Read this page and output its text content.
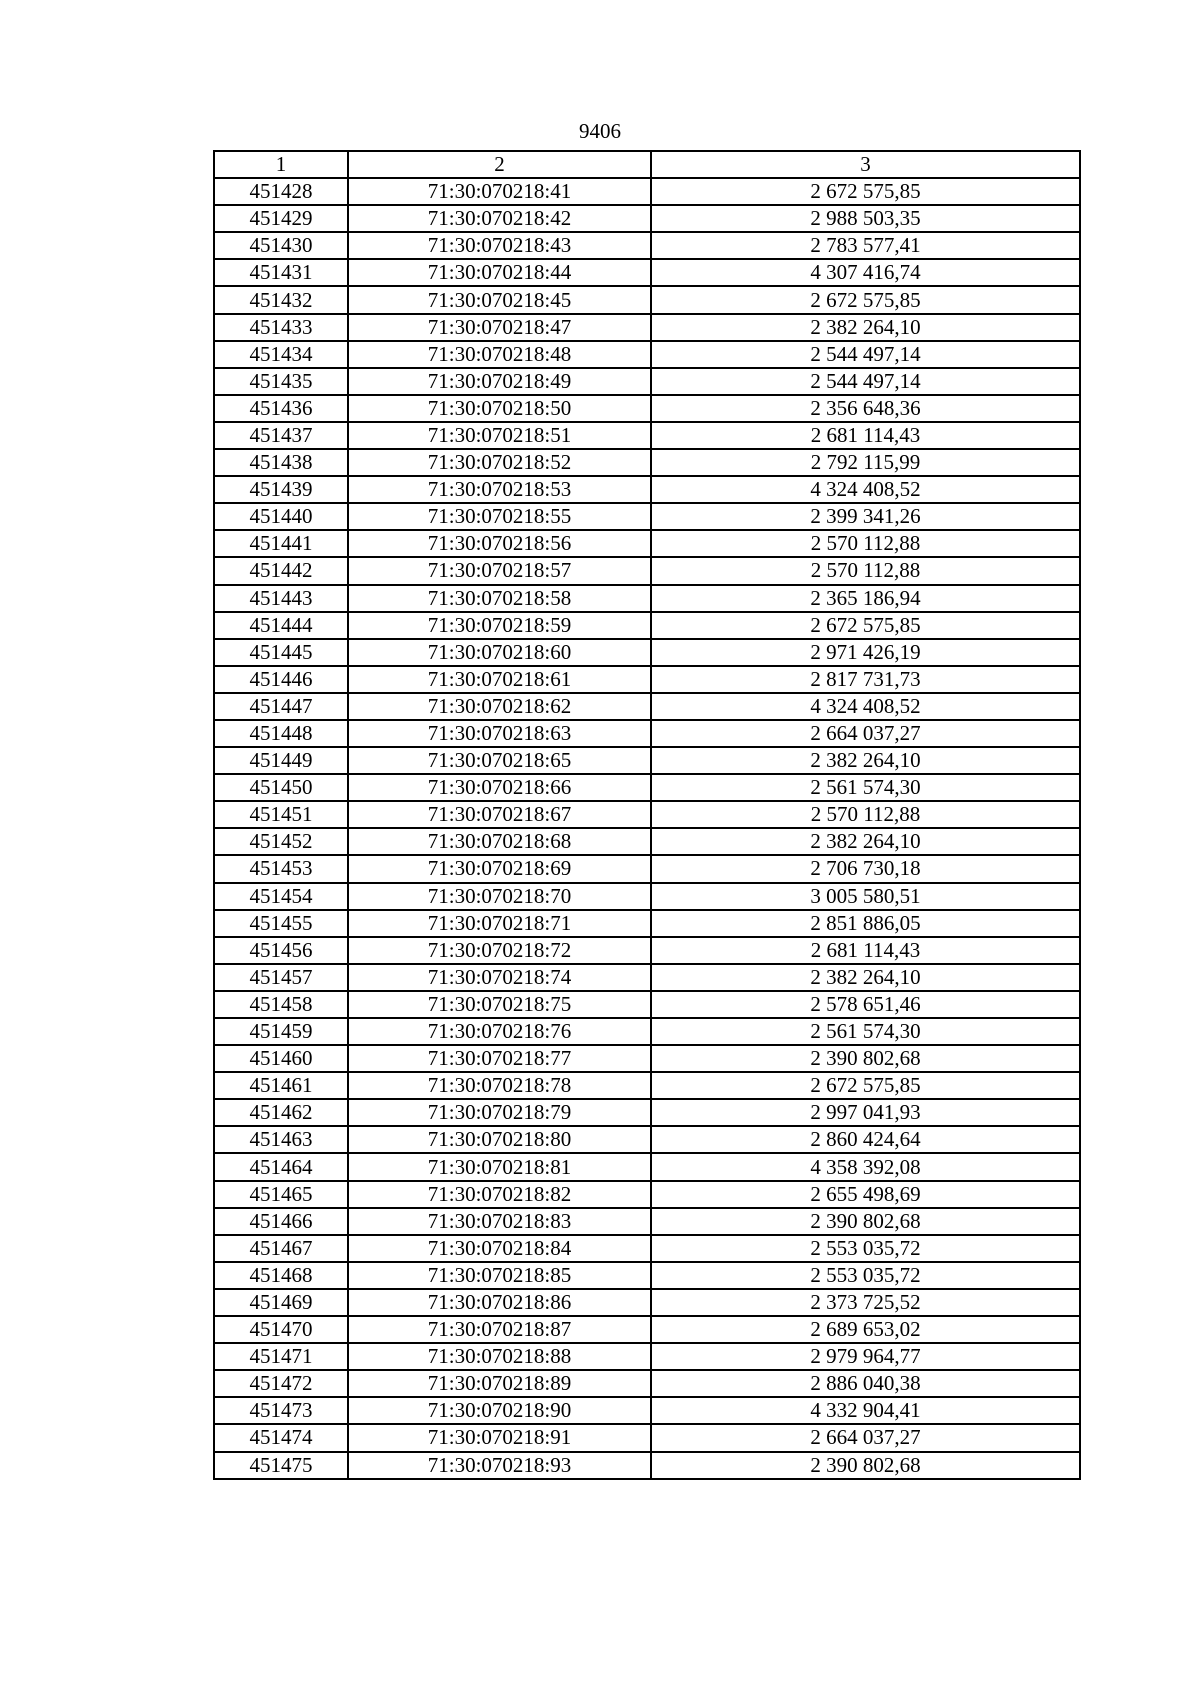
9406
1	2	3
451428	71:30:070218:41	2 672 575,85
451429	71:30:070218:42	2 988 503,35
451430	71:30:070218:43	2 783 577,41
451431	71:30:070218:44	4 307 416,74
451432	71:30:070218:45	2 672 575,85
451433	71:30:070218:47	2 382 264,10
451434	71:30:070218:48	2 544 497,14
451435	71:30:070218:49	2 544 497,14
451436	71:30:070218:50	2 356 648,36
451437	71:30:070218:51	2 681 114,43
451438	71:30:070218:52	2 792 115,99
451439	71:30:070218:53	4 324 408,52
451440	71:30:070218:55	2 399 341,26
451441	71:30:070218:56	2 570 112,88
451442	71:30:070218:57	2 570 112,88
451443	71:30:070218:58	2 365 186,94
451444	71:30:070218:59	2 672 575,85
451445	71:30:070218:60	2 971 426,19
451446	71:30:070218:61	2 817 731,73
451447	71:30:070218:62	4 324 408,52
451448	71:30:070218:63	2 664 037,27
451449	71:30:070218:65	2 382 264,10
451450	71:30:070218:66	2 561 574,30
451451	71:30:070218:67	2 570 112,88
451452	71:30:070218:68	2 382 264,10
451453	71:30:070218:69	2 706 730,18
451454	71:30:070218:70	3 005 580,51
451455	71:30:070218:71	2 851 886,05
451456	71:30:070218:72	2 681 114,43
451457	71:30:070218:74	2 382 264,10
451458	71:30:070218:75	2 578 651,46
451459	71:30:070218:76	2 561 574,30
451460	71:30:070218:77	2 390 802,68
451461	71:30:070218:78	2 672 575,85
451462	71:30:070218:79	2 997 041,93
451463	71:30:070218:80	2 860 424,64
451464	71:30:070218:81	4 358 392,08
451465	71:30:070218:82	2 655 498,69
451466	71:30:070218:83	2 390 802,68
451467	71:30:070218:84	2 553 035,72
451468	71:30:070218:85	2 553 035,72
451469	71:30:070218:86	2 373 725,52
451470	71:30:070218:87	2 689 653,02
451471	71:30:070218:88	2 979 964,77
451472	71:30:070218:89	2 886 040,38
451473	71:30:070218:90	4 332 904,41
451474	71:30:070218:91	2 664 037,27
451475	71:30:070218:93	2 390 802,68
